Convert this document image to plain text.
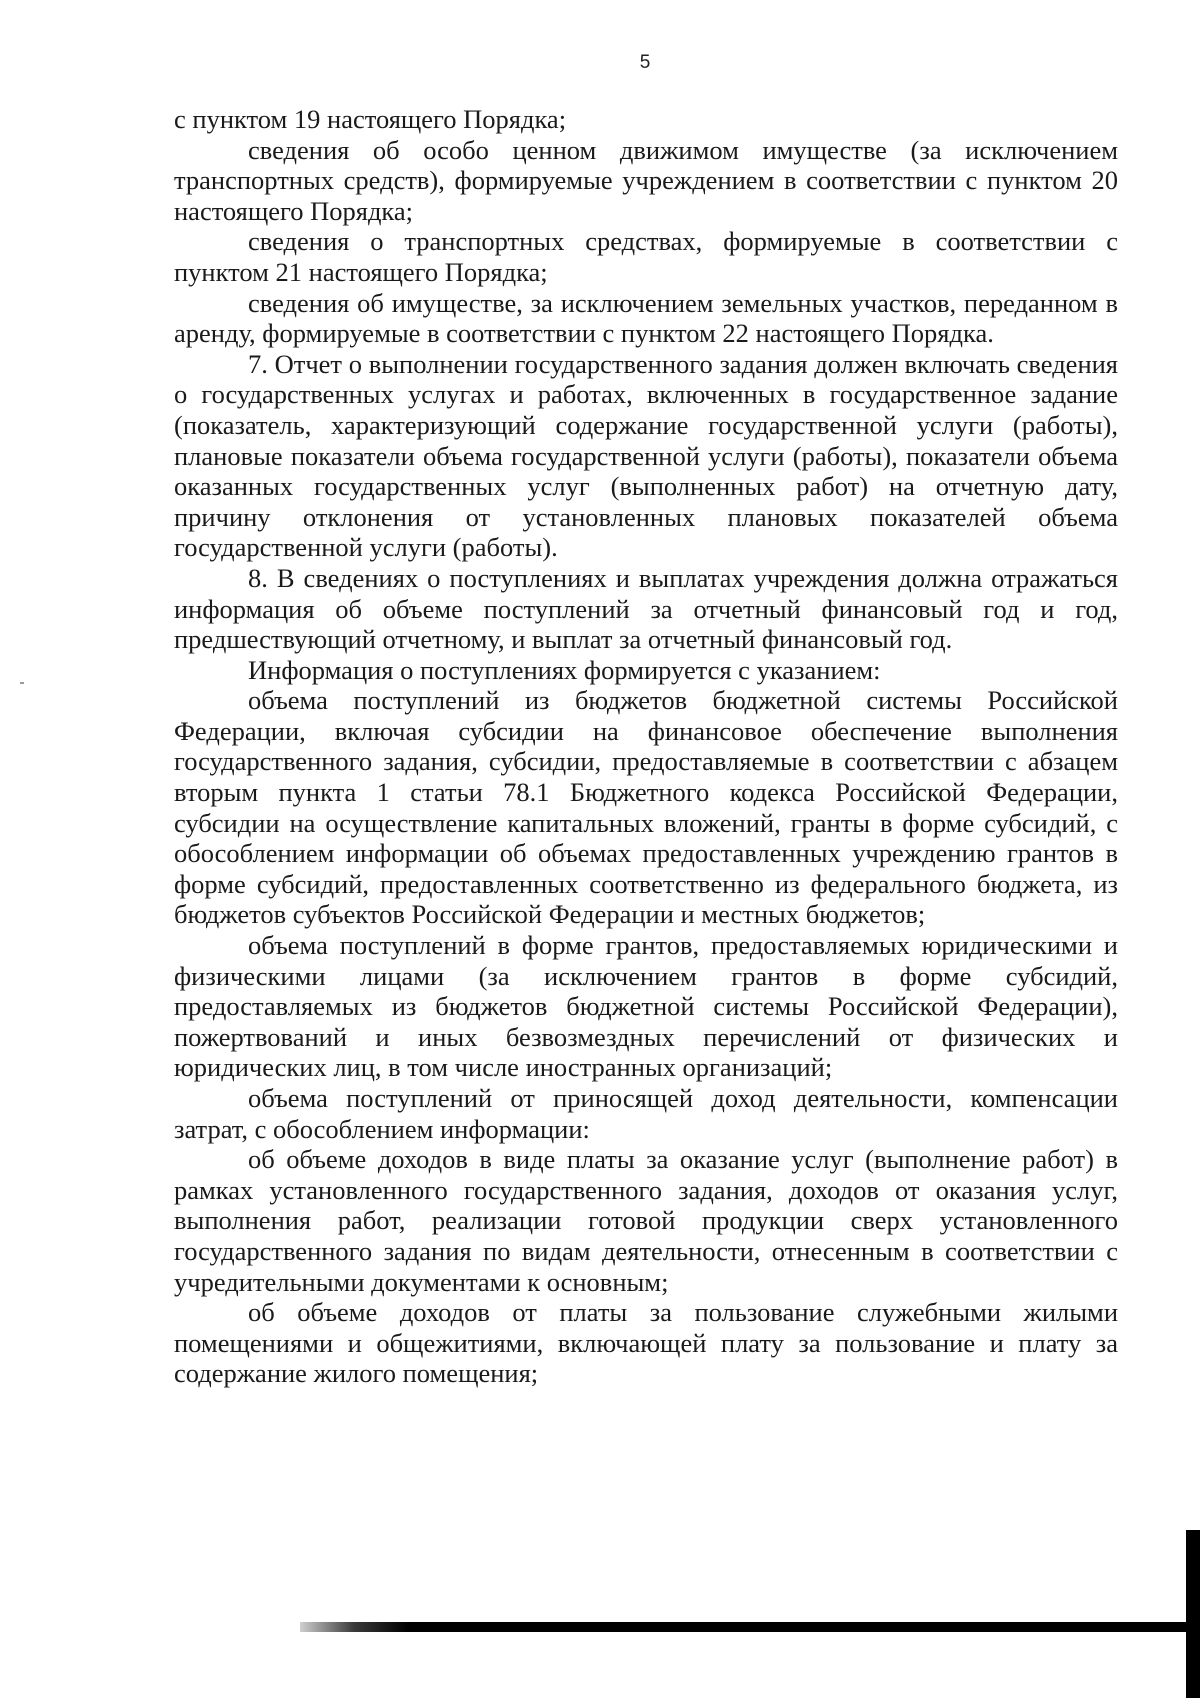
5

с пунктом 19 настоящего Порядка;

сведения об особо ценном движимом имуществе (за исключением транспортных средств), формируемые учреждением в соответствии с пунктом 20 настоящего Порядка;

сведения о транспортных средствах, формируемые в соответствии с пунктом 21 настоящего Порядка;

сведения об имуществе, за исключением земельных участков, переданном в аренду, формируемые в соответствии с пунктом 22 настоящего Порядка.

7. Отчет о выполнении государственного задания должен включать сведения о государственных услугах и работах, включенных в государственное задание (показатель, характеризующий содержание государственной услуги (работы), плановые показатели объема государственной услуги (работы), показатели объема оказанных государственных услуг (выполненных работ) на отчетную дату, причину отклонения от установленных плановых показателей объема государственной услуги (работы).

8. В сведениях о поступлениях и выплатах учреждения должна отражаться информация об объеме поступлений за отчетный финансовый год и год, предшествующий отчетному, и выплат за отчетный финансовый год.

Информация о поступлениях формируется с указанием:

объема поступлений из бюджетов бюджетной системы Российской Федерации, включая субсидии на финансовое обеспечение выполнения государственного задания, субсидии, предоставляемые в соответствии с абзацем вторым пункта 1 статьи 78.1 Бюджетного кодекса Российской Федерации, субсидии на осуществление капитальных вложений, гранты в форме субсидий, с обособлением информации об объемах предоставленных учреждению грантов в форме субсидий, предоставленных соответственно из федерального бюджета, из бюджетов субъектов Российской Федерации и местных бюджетов;

объема поступлений в форме грантов, предоставляемых юридическими и физическими лицами (за исключением грантов в форме субсидий, предоставляемых из бюджетов бюджетной системы Российской Федерации), пожертвований и иных безвозмездных перечислений от физических и юридических лиц, в том числе иностранных организаций;

объема поступлений от приносящей доход деятельности, компенсации затрат, с обособлением информации:

об объеме доходов в виде платы за оказание услуг (выполнение работ) в рамках установленного государственного задания, доходов от оказания услуг, выполнения работ, реализации готовой продукции сверх установленного государственного задания по видам деятельности, отнесенным в соответствии с учредительными документами к основным;

об объеме доходов от платы за пользование служебными жилыми помещениями и общежитиями, включающей плату за пользование и плату за содержание жилого помещения;
